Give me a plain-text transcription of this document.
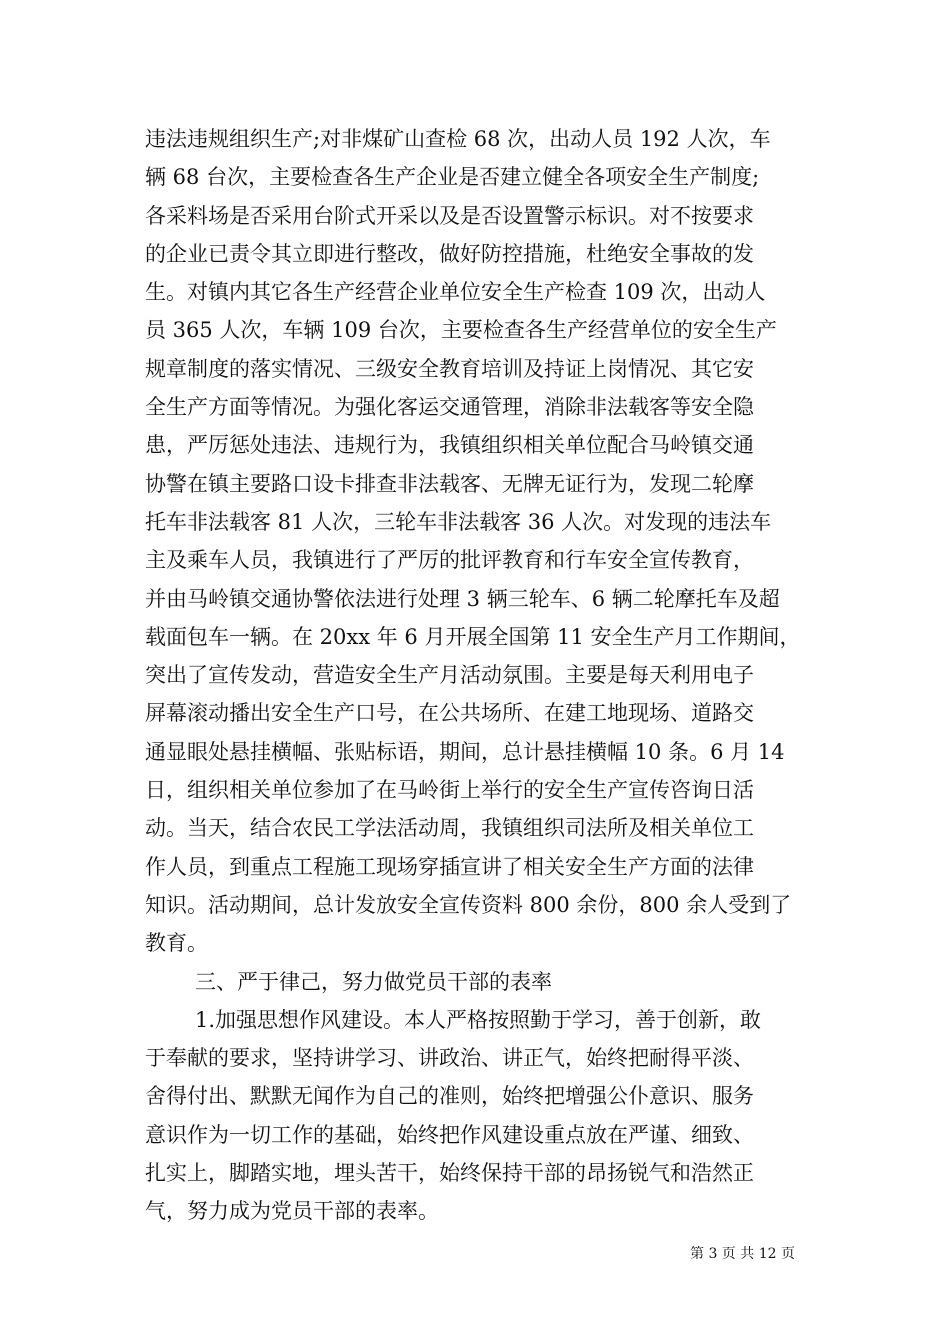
违法违规组织生产;对非煤矿山查检 68 次，出动人员 192 人次，车
辆 68 台次，主要检查各生产企业是否建立健全各项安全生产制度;
各采料场是否采用台阶式开采以及是否设置警示标识。对不按要求
的企业已责令其立即进行整改，做好防控措施，杜绝安全事故的发
生。对镇内其它各生产经营企业单位安全生产检查 109 次，出动人
员 365 人次，车辆 109 台次，主要检查各生产经营单位的安全生产
规章制度的落实情况、三级安全教育培训及持证上岗情况、其它安
全生产方面等情况。为强化客运交通管理，消除非法载客等安全隐
患，严厉惩处违法、违规行为，我镇组织相关单位配合马岭镇交通
协警在镇主要路口设卡排查非法载客、无牌无证行为，发现二轮摩
托车非法载客 81 人次，三轮车非法载客 36 人次。对发现的违法车
主及乘车人员，我镇进行了严厉的批评教育和行车安全宣传教育，
并由马岭镇交通协警依法进行处理 3 辆三轮车、6 辆二轮摩托车及超
载面包车一辆。在 20xx 年 6 月开展全国第 11 安全生产月工作期间，
突出了宣传发动，营造安全生产月活动氛围。主要是每天利用电子
屏幕滚动播出安全生产口号，在公共场所、在建工地现场、道路交
通显眼处悬挂横幅、张贴标语，期间，总计悬挂横幅 10 条。6 月 14
日，组织相关单位参加了在马岭街上举行的安全生产宣传咨询日活
动。当天，结合农民工学法活动周，我镇组织司法所及相关单位工
作人员，到重点工程施工现场穿插宣讲了相关安全生产方面的法律
知识。活动期间，总计发放安全宣传资料 800 余份，800 余人受到了
教育。
三、严于律己，努力做党员干部的表率
1.加强思想作风建设。本人严格按照勤于学习，善于创新，敢
于奉献的要求，坚持讲学习、讲政治、讲正气，始终把耐得平淡、
舍得付出、默默无闻作为自己的准则，始终把增强公仆意识、服务
意识作为一切工作的基础，始终把作风建设重点放在严谨、细致、
扎实上，脚踏实地，埋头苦干，始终保持干部的昂扬锐气和浩然正
气，努力成为党员干部的表率。
第 3 页 共 12 页
